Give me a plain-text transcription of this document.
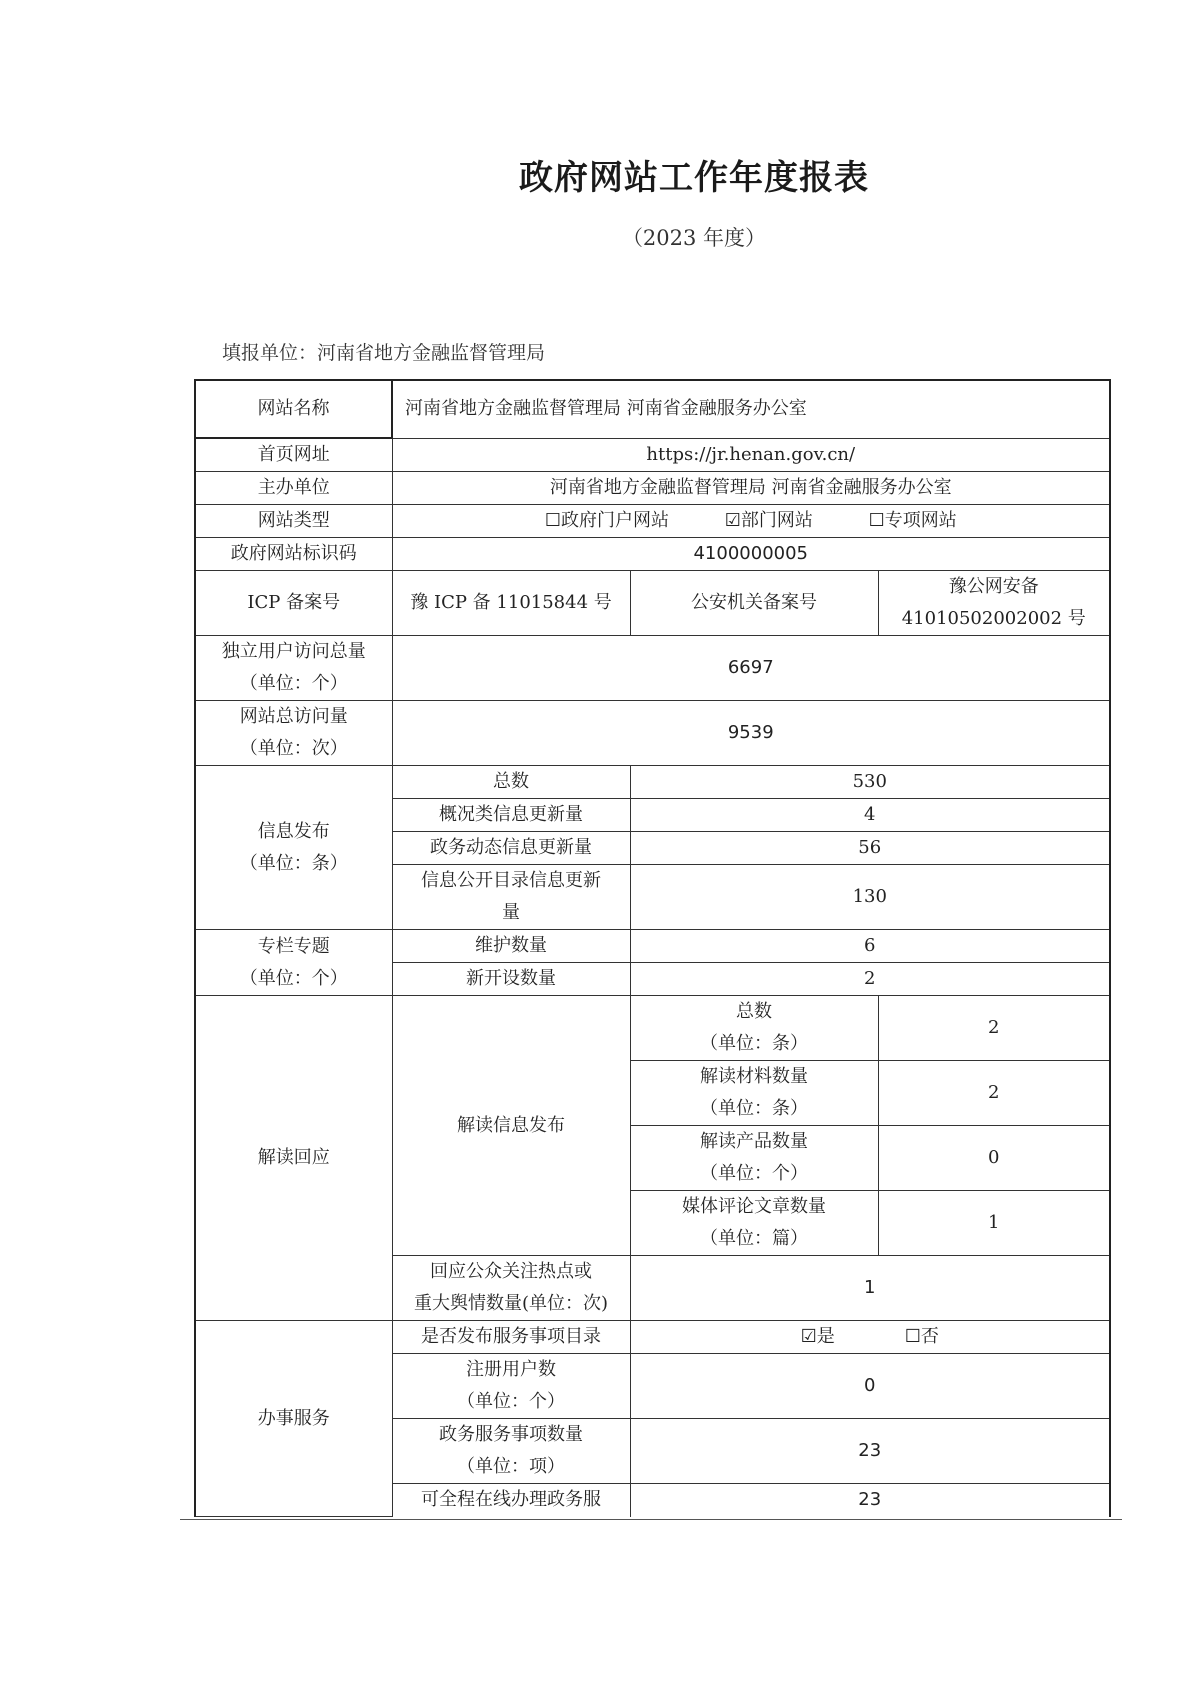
政府网站工作年度报表
（2023 年度）
填报单位：河南省地方金融监督管理局
网站名称	河南省地方金融监督管理局 河南省金融服务办公室		
首页网址	https://jr.henan.gov.cn/		
主办单位	河南省地方金融监督管理局 河南省金融服务办公室		
网站类型	☐政府门户网站 ☑部门网站 ☐专项网站		
政府网站标识码	4100000005		
ICP 备案号	豫 ICP 备 11015844 号	公安机关备案号	豫公网安备
41010502002002 号

独立用户访问总量
（单位：个）	6697		

网站总访问量
（单位：次）	9539		

信息发布
（单位：条）	总数	530	
	概况类信息更新量	4	
	政务动态信息更新量	56	

	信息公开目录信息更新
量	130	

专栏专题
（单位：个）	维护数量	6	
	新开设数量	2	
解读回应	解读信息发布	总数
（单位：条）	2

		解读材料数量
（单位：条）	2

		解读产品数量
（单位：个）	0

		媒体评论文章数量
（单位：篇）	1

	回应公众关注热点或
重大舆情数量(单位：次)	1	
办事服务	是否发布服务事项目录	☑是 ☐否	

	注册用户数
（单位：个）	0	

	政务服务事项数量
（单位：项）	23	
	可全程在线办理政务服	23	
